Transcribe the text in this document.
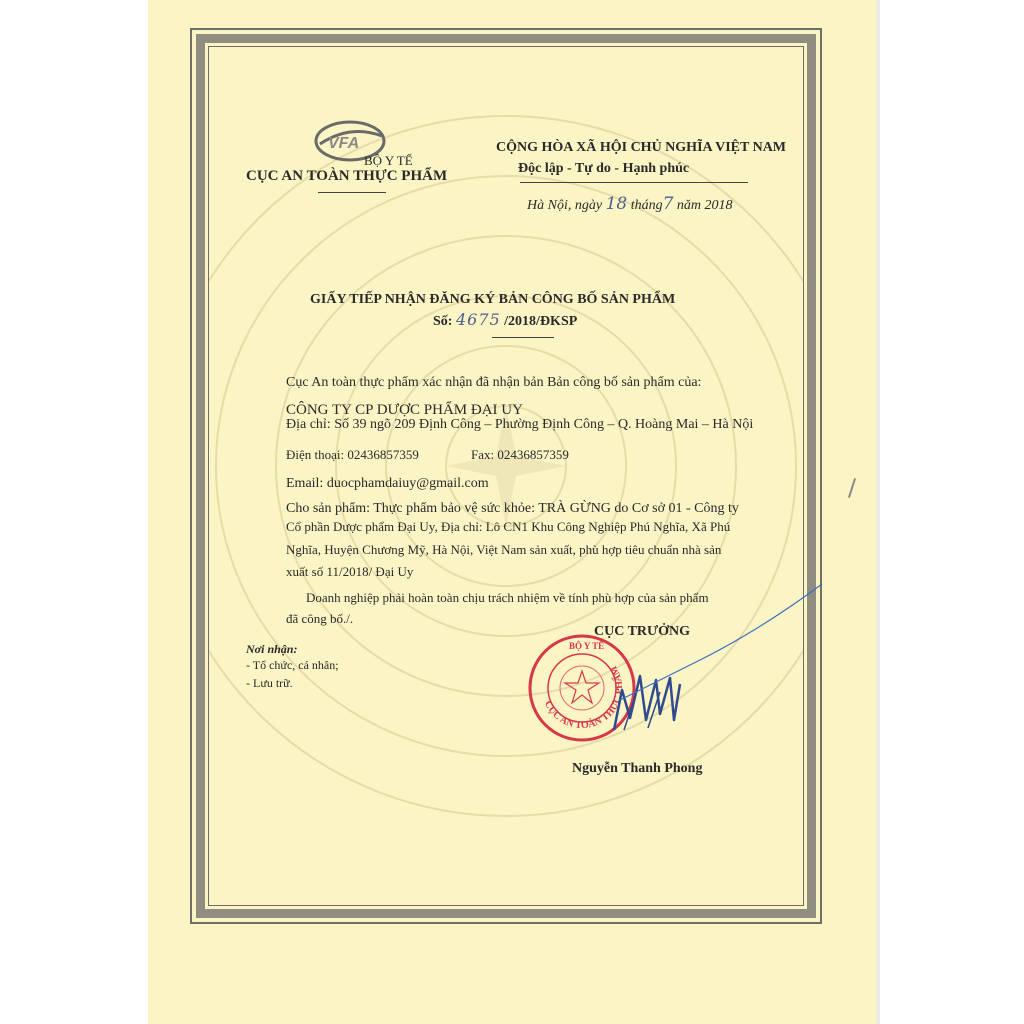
VFA
BỘ Y TẾ
CỤC AN TOÀN THỰC PHẨM
CỘNG HÒA XÃ HỘI CHỦ NGHĨA VIỆT NAM
Độc lập - Tự do - Hạnh phúc
Hà Nội, ngày 18 tháng7 năm 2018
GIẤY TIẾP NHẬN ĐĂNG KÝ BẢN CÔNG BỐ SẢN PHẨM
Số: 4675 /2018/ĐKSP
Cục An toàn thực phẩm xác nhận đã nhận bản Bản công bố sản phẩm của:
CÔNG TY CP DƯỢC PHẨM ĐẠI UY
Địa chỉ: Số 39 ngõ 209 Định Công – Phường Định Công – Q. Hoàng Mai – Hà Nội
Điện thoại: 02436857359	Fax: 02436857359
Email: duocphamdaiuy@gmail.com
Cho sản phẩm: Thực phẩm bảo vệ sức khỏe: TRÀ GỪNG do Cơ sở 01 - Công ty
Cổ phần Dược phẩm Đại Uy, Địa chỉ: Lô CN1 Khu Công Nghiệp Phú Nghĩa, Xã Phú
Nghĩa, Huyện Chương Mỹ, Hà Nội, Việt Nam sản xuất, phù hợp tiêu chuẩn nhà sản
xuất số 11/2018/ Đại Uy
Doanh nghiệp phải hoàn toàn chịu trách nhiệm về tính phù hợp của sản phẩm
đã công bố./.
Nơi nhận:
- Tổ chức, cá nhân;
- Lưu trữ.
CỤC TRƯỞNG
CỤC AN TOÀN THỰC PHẨM
BỘ Y TẾ
Nguyễn Thanh Phong
